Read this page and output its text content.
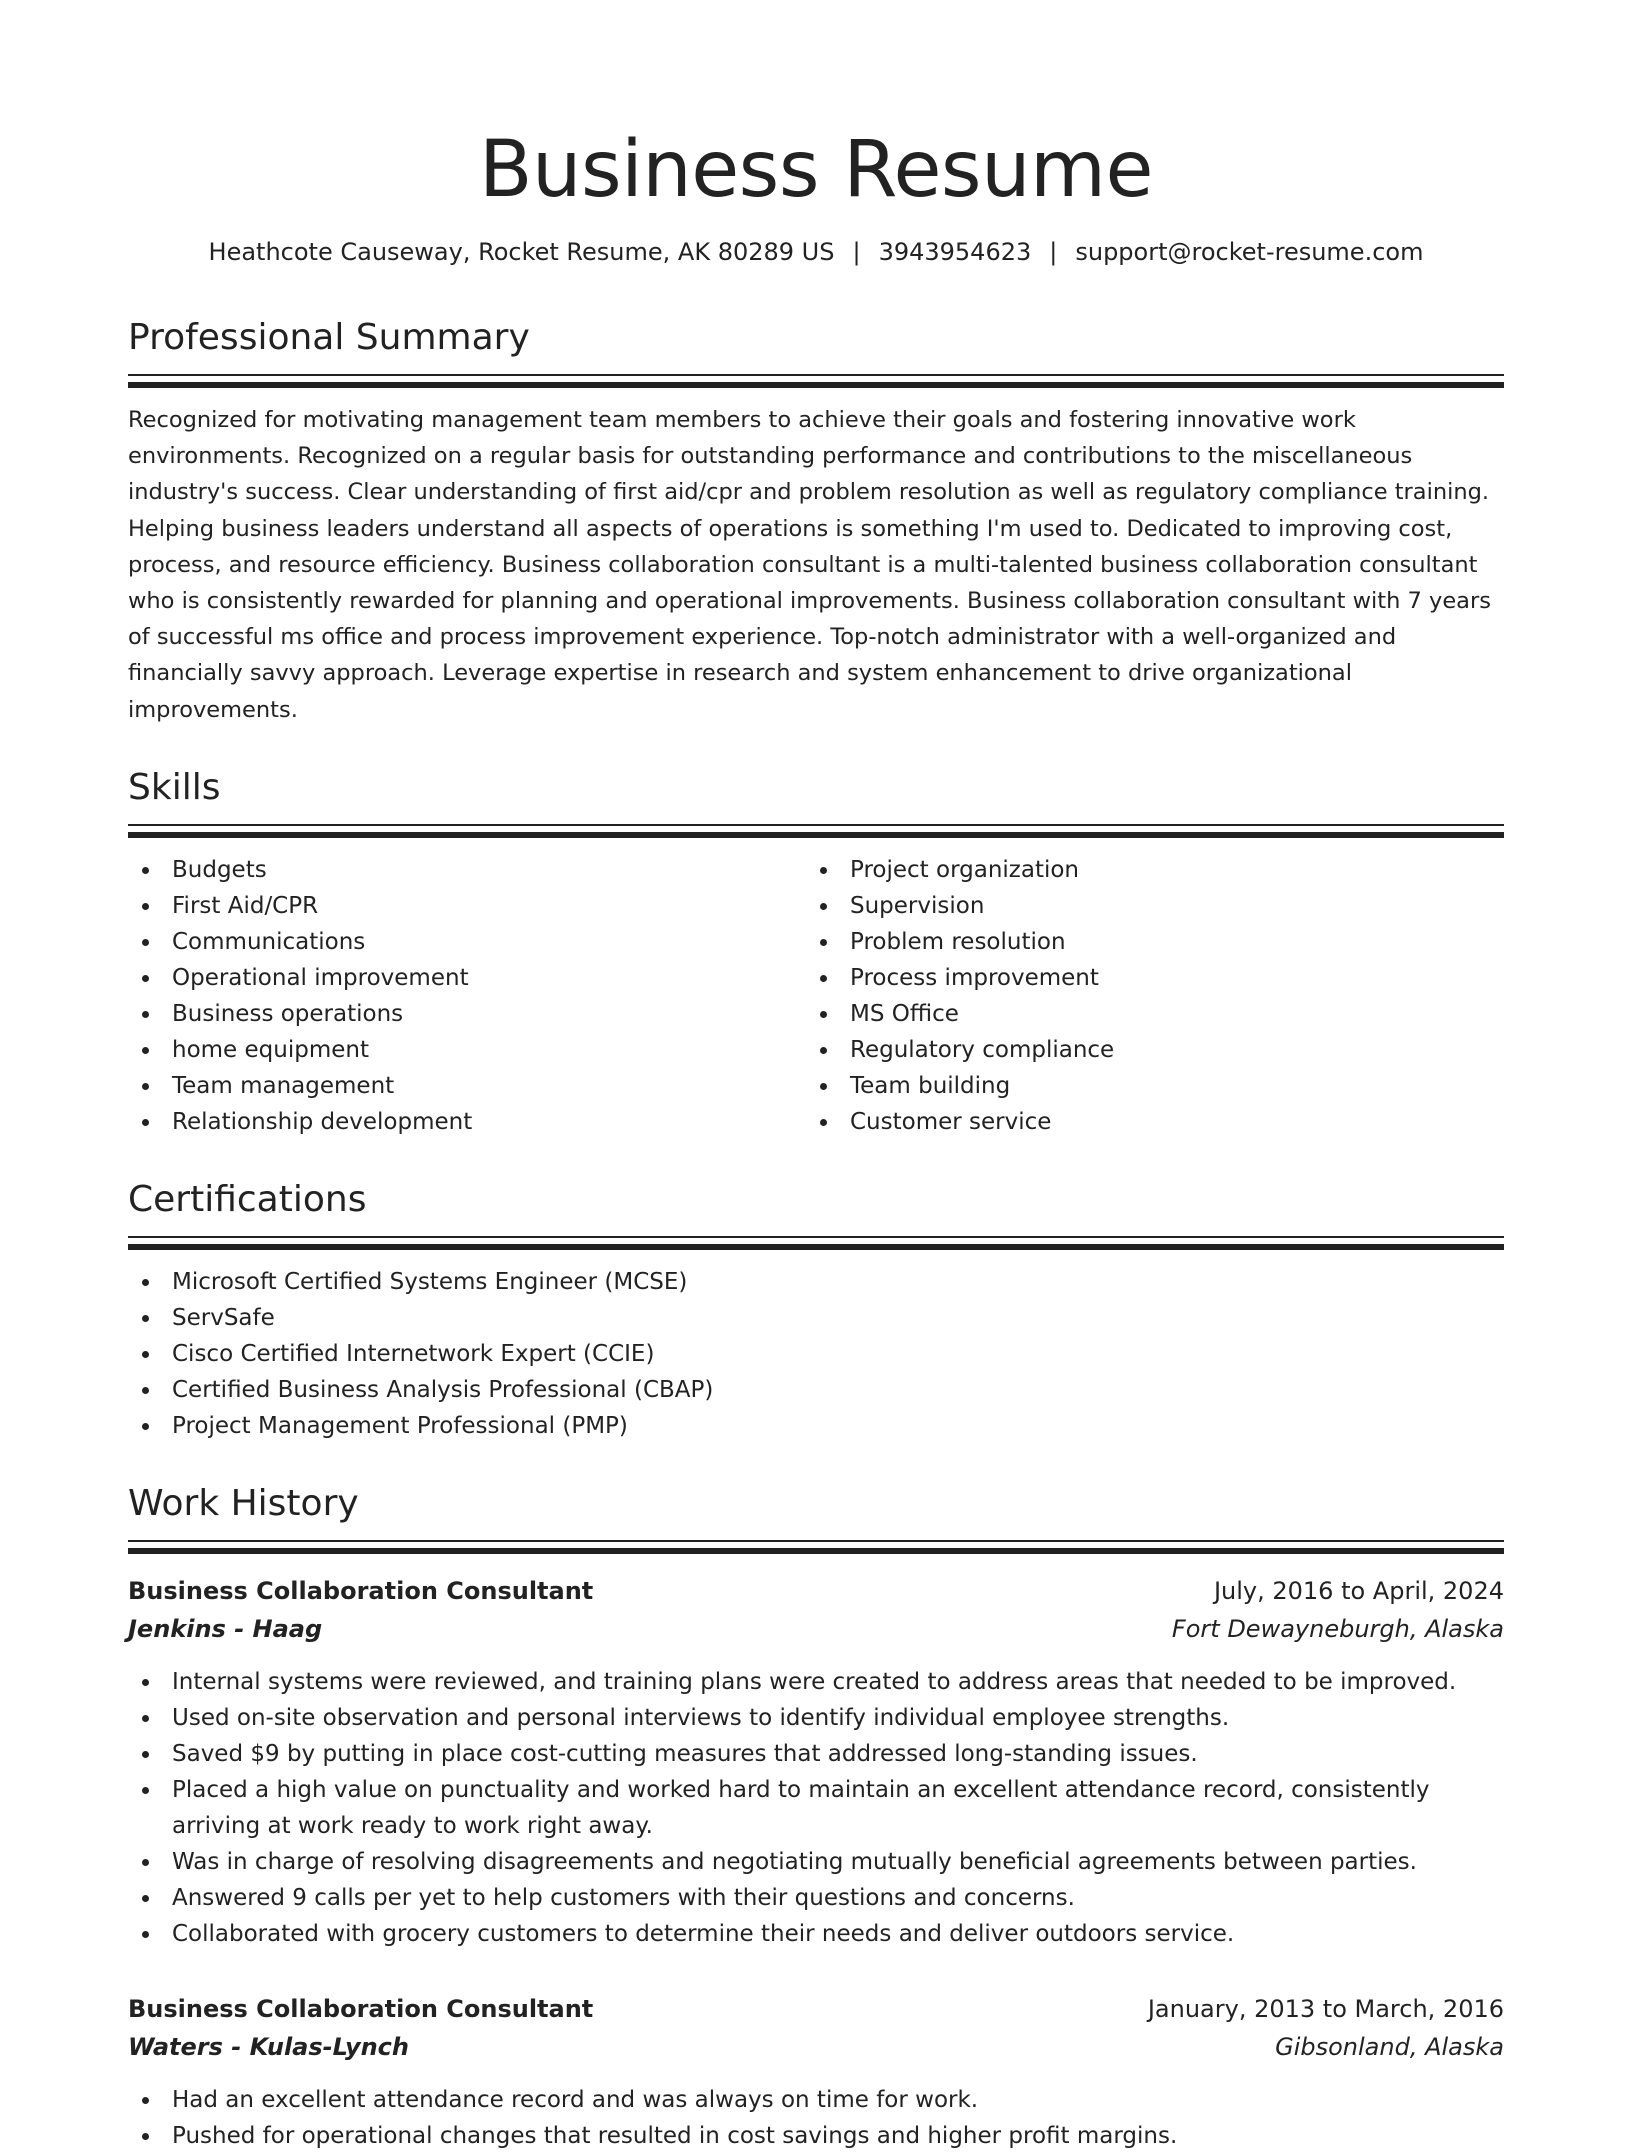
Business Resume
Heathcote Causeway, Rocket Resume, AK 80289 US | 3943954623 | support@rocket-resume.com
Professional Summary

Recognized for motivating management team members to achieve their goals and fostering innovative work environments. Recognized on a regular basis for outstanding performance and contributions to the miscellaneous industry's success. Clear understanding of first aid/cpr and problem resolution as well as regulatory compliance training. Helping business leaders understand all aspects of operations is something I'm used to. Dedicated to improving cost, process, and resource efficiency. Business collaboration consultant is a multi-talented business collaboration consultant who is consistently rewarded for planning and operational improvements. Business collaboration consultant with 7 years of successful ms office and process improvement experience. Top-notch administrator with a well-organized and financially savvy approach. Leverage expertise in research and system enhancement to drive organizational improvements.

Skills
Budgets
First Aid/CPR
Communications
Operational improvement
Business operations
home equipment
Team management
Relationship development
Project organization
Supervision
Problem resolution
Process improvement
MS Office
Regulatory compliance
Team building
Customer service
Certifications
Microsoft Certified Systems Engineer (MCSE)
ServSafe
Cisco Certified Internetwork Expert (CCIE)
Certified Business Analysis Professional (CBAP)
Project Management Professional (PMP)
Work History
Business Collaboration Consultant	July, 2016 to April, 2024
Jenkins - Haag	Fort Dewayneburgh, Alaska
Internal systems were reviewed, and training plans were created to address areas that needed to be improved.
Used on-site observation and personal interviews to identify individual employee strengths.
Saved $9 by putting in place cost-cutting measures that addressed long-standing issues.
Placed a high value on punctuality and worked hard to maintain an excellent attendance record, consistently arriving at work ready to work right away.
Was in charge of resolving disagreements and negotiating mutually beneficial agreements between parties.
Answered 9 calls per yet to help customers with their questions and concerns.
Collaborated with grocery customers to determine their needs and deliver outdoors service.
Business Collaboration Consultant	January, 2013 to March, 2016
Waters - Kulas-Lynch	Gibsonland, Alaska
Had an excellent attendance record and was always on time for work.
Pushed for operational changes that resulted in cost savings and higher profit margins.
